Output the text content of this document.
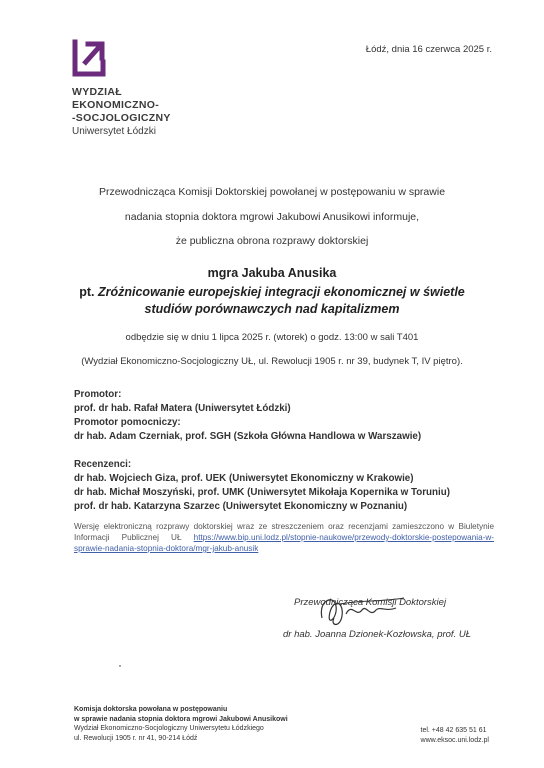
WYDZIAŁ
EKONOMICZNO-
-SOCJOLOGICZNY
Uniwersytet Łódzki
Łódź, dnia 16 czerwca 2025 r.
Przewodnicząca Komisji Doktorskiej powołanej w postępowaniu w sprawie
nadania stopnia doktora mgrowi Jakubowi Anusikowi informuje,
że publiczna obrona rozprawy doktorskiej
mgra Jakuba Anusika
pt. Zróżnicowanie europejskiej integracji ekonomicznej w świetle
studiów porównawczych nad kapitalizmem
odbędzie się w dniu 1 lipca 2025 r. (wtorek) o godz. 13:00 w sali T401
(Wydział Ekonomiczno-Socjologiczny UŁ, ul. Rewolucji 1905 r. nr 39, budynek T, IV piętro).
Promotor:
prof. dr hab. Rafał Matera (Uniwersytet Łódzki)
Promotor pomocniczy:
dr hab. Adam Czerniak, prof. SGH (Szkoła Główna Handlowa w Warszawie)
Recenzenci:
dr hab. Wojciech Giza, prof. UEK (Uniwersytet Ekonomiczny w Krakowie)
dr hab. Michał Moszyński, prof. UMK (Uniwersytet Mikołaja Kopernika w Toruniu)
prof. dr hab. Katarzyna Szarzec (Uniwersytet Ekonomiczny w Poznaniu)
Wersję elektroniczną rozprawy doktorskiej wraz ze streszczeniem oraz recenzjami zamieszczono w Biuletynie Informacji Publicznej UŁ https://www.bip.uni.lodz.pl/stopnie-naukowe/przewody-doktorskie-postepowania-w-sprawie-nadania-stopnia-doktora/mgr-jakub-anusik
Przewodnicząca Komisji Doktorskiej
dr hab. Joanna Dzionek-Kozłowska, prof. UŁ
Komisja doktorska powołana w postępowaniu
w sprawie nadania stopnia doktora mgrowi Jakubowi Anusikowi
Wydział Ekonomiczno-Socjologiczny Uniwersytetu Łódzkiego
ul. Rewolucji 1905 r. nr 41, 90-214 Łódź
tel. +48 42 635 51 61
www.eksoc.uni.lodz.pl
